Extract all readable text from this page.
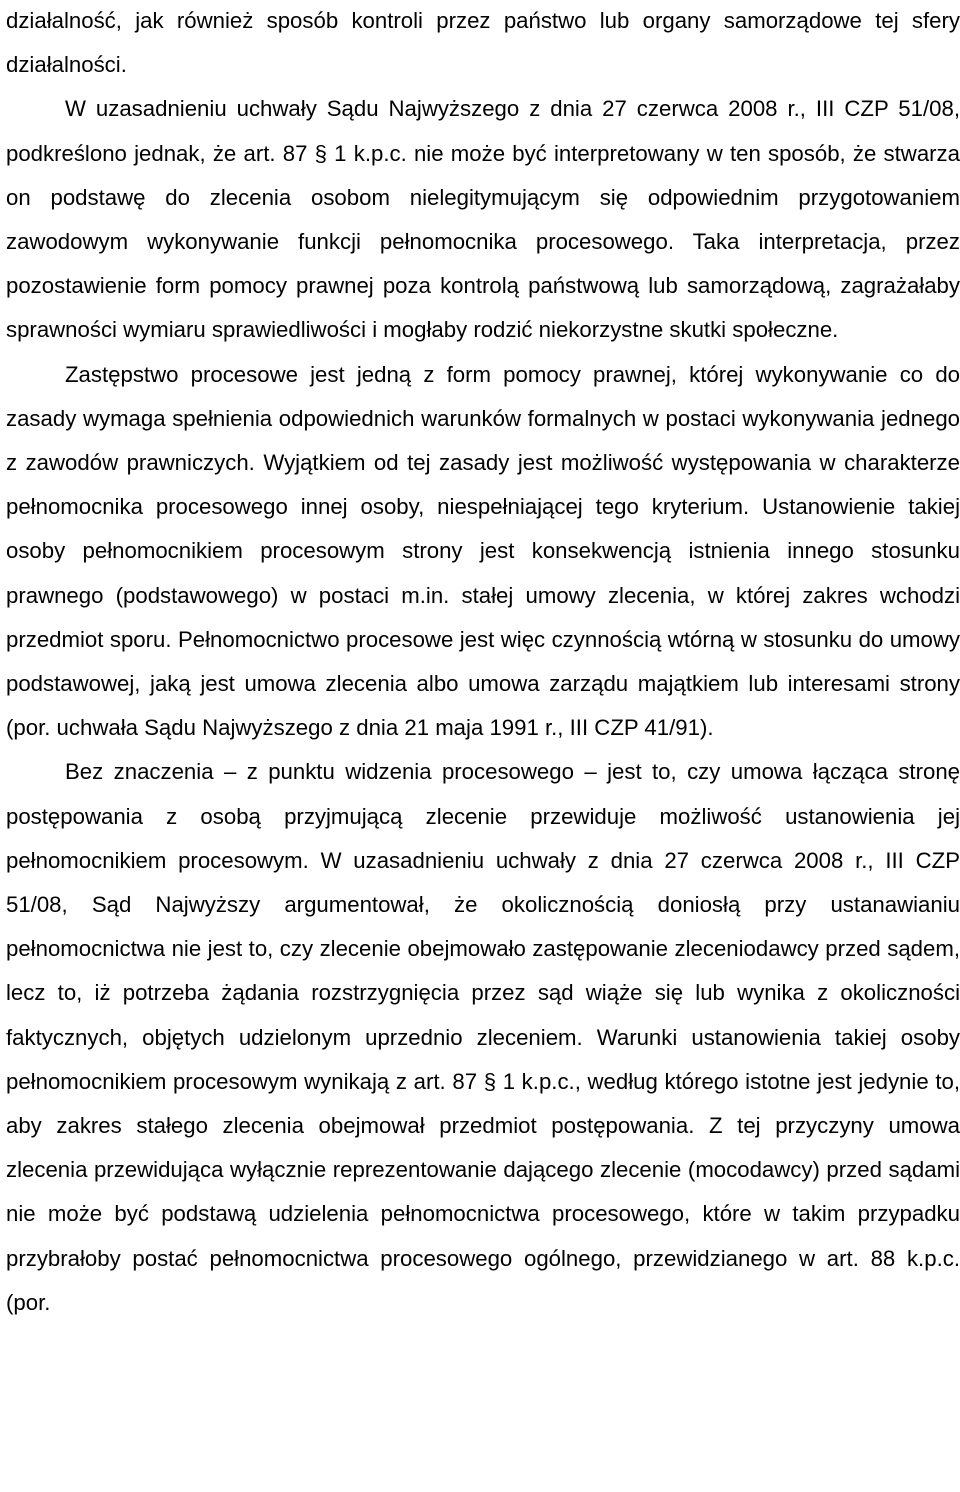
działalność, jak również sposób kontroli przez państwo lub organy samorządowe tej sfery działalności.

W uzasadnieniu uchwały Sądu Najwyższego z dnia 27 czerwca 2008 r., III CZP 51/08, podkreślono jednak, że art. 87 § 1 k.p.c. nie może być interpretowany w ten sposób, że stwarza on podstawę do zlecenia osobom nielegitymującym się odpowiednim przygotowaniem zawodowym wykonywanie funkcji pełnomocnika procesowego. Taka interpretacja, przez pozostawienie form pomocy prawnej poza kontrolą państwową lub samorządową, zagrażałaby sprawności wymiaru sprawiedliwości i mogłaby rodzić niekorzystne skutki społeczne.

Zastępstwo procesowe jest jedną z form pomocy prawnej, której wykonywanie co do zasady wymaga spełnienia odpowiednich warunków formalnych w postaci wykonywania jednego z zawodów prawniczych. Wyjątkiem od tej zasady jest możliwość występowania w charakterze pełnomocnika procesowego innej osoby, niespełniającej tego kryterium. Ustanowienie takiej osoby pełnomocnikiem procesowym strony jest konsekwencją istnienia innego stosunku prawnego (podstawowego) w postaci m.in. stałej umowy zlecenia, w której zakres wchodzi przedmiot sporu. Pełnomocnictwo procesowe jest więc czynnością wtórną w stosunku do umowy podstawowej, jaką jest umowa zlecenia albo umowa zarządu majątkiem lub interesami strony (por. uchwała Sądu Najwyższego z dnia 21 maja 1991 r., III CZP 41/91).

Bez znaczenia – z punktu widzenia procesowego – jest to, czy umowa łącząca stronę postępowania z osobą przyjmującą zlecenie przewiduje możliwość ustanowienia jej pełnomocnikiem procesowym. W uzasadnieniu uchwały z dnia 27 czerwca 2008 r., III CZP 51/08, Sąd Najwyższy argumentował, że okolicznością doniosłą przy ustanawianiu pełnomocnictwa nie jest to, czy zlecenie obejmowało zastępowanie zleceniodawcy przed sądem, lecz to, iż potrzeba żądania rozstrzygnięcia przez sąd wiąże się lub wynika z okoliczności faktycznych, objętych udzielonym uprzednio zleceniem. Warunki ustanowienia takiej osoby pełnomocnikiem procesowym wynikają z art. 87 § 1 k.p.c., według którego istotne jest jedynie to, aby zakres stałego zlecenia obejmował przedmiot postępowania. Z tej przyczyny umowa zlecenia przewidująca wyłącznie reprezentowanie dającego zlecenie (mocodawcy) przed sądami nie może być podstawą udzielenia pełnomocnictwa procesowego, które w takim przypadku przybrałoby postać pełnomocnictwa procesowego ogólnego, przewidzianego w art. 88 k.p.c. (por.
